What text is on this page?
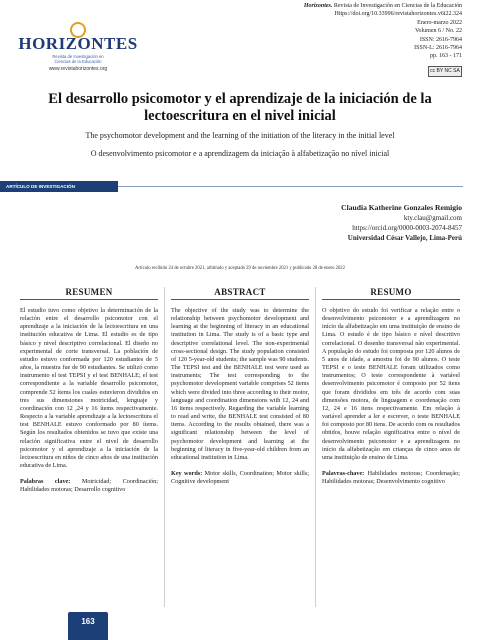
HORIZONTES
Revista de Investigación en
Ciencias de la Educación
www.revistahorizontes.org
Horizontes. Revista de Investigación en Ciencias de la Educación
Https://doi.org/10.33996/revistahorizontes.v6i22.324
Enero-marzo 2022
Volumen 6 / No. 22
ISSN: 2616-7964
ISSN-L: 2616-7964
pp. 163 - 171
cc BY NC SA
El desarrollo psicomotor y el aprendizaje de la iniciación de la lectoescritura en el nivel inicial
The psychomotor development and the learning of the initiation of the literacy in the initial level
O desenvolvimento psicomotor e a aprendizagem da iniciação à alfabetização no nível inicial
ARTÍCULO DE INVESTIGACIÓN
Claudia Katherine Gonzales Remigio
kty.clau@gmail.com
https://orcid.org/0000-0003-2074-8457
Universidad César Vallejo, Lima-Perú
Artículo recibido 24 de octubre 2021, arbitrado y aceptado 29 de noviembre 2021 y publicado 28 de enero 2022
RESUMEN	ABSTRACT	RESUMO
El estudio tuvo como objetivo la determinación de la relación entre el desarrollo psicomotor con el aprendizaje a la iniciación de la lectoescritura en una institución educativa de Lima. El estudio es de tipo básico y nivel descriptivo correlacional. El diseño no experimental de corte transversal. La población de estudio estuvo conformada por 120 estudiantes de 5 años, la muestra fue de 90 estudiantes. Se utilizó como instrumento el test TEPSI y el test BENHALE; el test correspondiente a la variable desarrollo psicomotor, comprende 52 ítems los cuales estuvieron divididos en tres sus dimensiones motricidad, lenguaje y coordinación con 12 ,24 y 16 ítems respectivamente. Respecto a la variable aprendizaje a la lectoescritura el test BENHALE estuvo conformado por 80 ítems. Según los resultados obtenidos se tuvo que existe una relación significativa entre el nivel de desarrollo psicomotor y el aprendizaje a la iniciación de la lectoescritura en niños de cinco años de una institución educativa de Lima.
Palabras clave: Motricidad; Coordinación; Habilidades motoras; Desarrollo cognitivo
The objective of the study was to determine the relationship between psychomotor development and learning at the beginning of literacy in an educational institution in Lima. The study is of a basic type and descriptive correlational level. The non-experimental cross-sectional design. The study population consisted of 120 5-year-old students; the sample was 90 students. The TEPSI test and the BENHALE test were used as instruments; The test corresponding to the psychomotor development variable comprises 52 items which were divided into three according to their motor, language and coordination dimensions with 12, 24 and 16 items respectively. Regarding the variable learning to read and write, the BENHALE test consisted of 80 items. According to the results obtained, there was a significant relationship between the level of psychomotor development and learning at the beginning of literacy in five-year-old children from an educational institution in Lima.
Key words: Motor skills, Coordination; Motor skills; Cognitive development
O objetivo do estudo foi verificar a relação entre o desenvolvimento psicomotor e a aprendizagem no início da alfabetização em uma instituição de ensino de Lima. O estudo é de tipo básico e nível descritivo correlacional. O desenho transversal não experimental. A população do estudo foi composta por 120 alunos de 5 anos de idade, a amostra foi de 90 alunos. O teste TEPSI e o teste BENHALE foram utilizados como instrumentos; O teste correspondente à variável desenvolvimento psicomotor é composto por 52 itens que foram divididos em três de acordo com suas dimensões motora, de linguagem e coordenação com 12, 24 e 16 itens respectivamente. Em relação à variável aprender a ler e escrever, o teste BENHALE foi composto por 80 itens. De acordo com os resultados obtidos, houve relação significativa entre o nível de desenvolvimento psicomotor e a aprendizagem no início da alfabetização em crianças de cinco anos de uma instituição de ensino de Lima.
Palavras-chave: Habilidades motoras; Coordenação; Habilidades motoras; Desenvolvimento cognitivo
163
